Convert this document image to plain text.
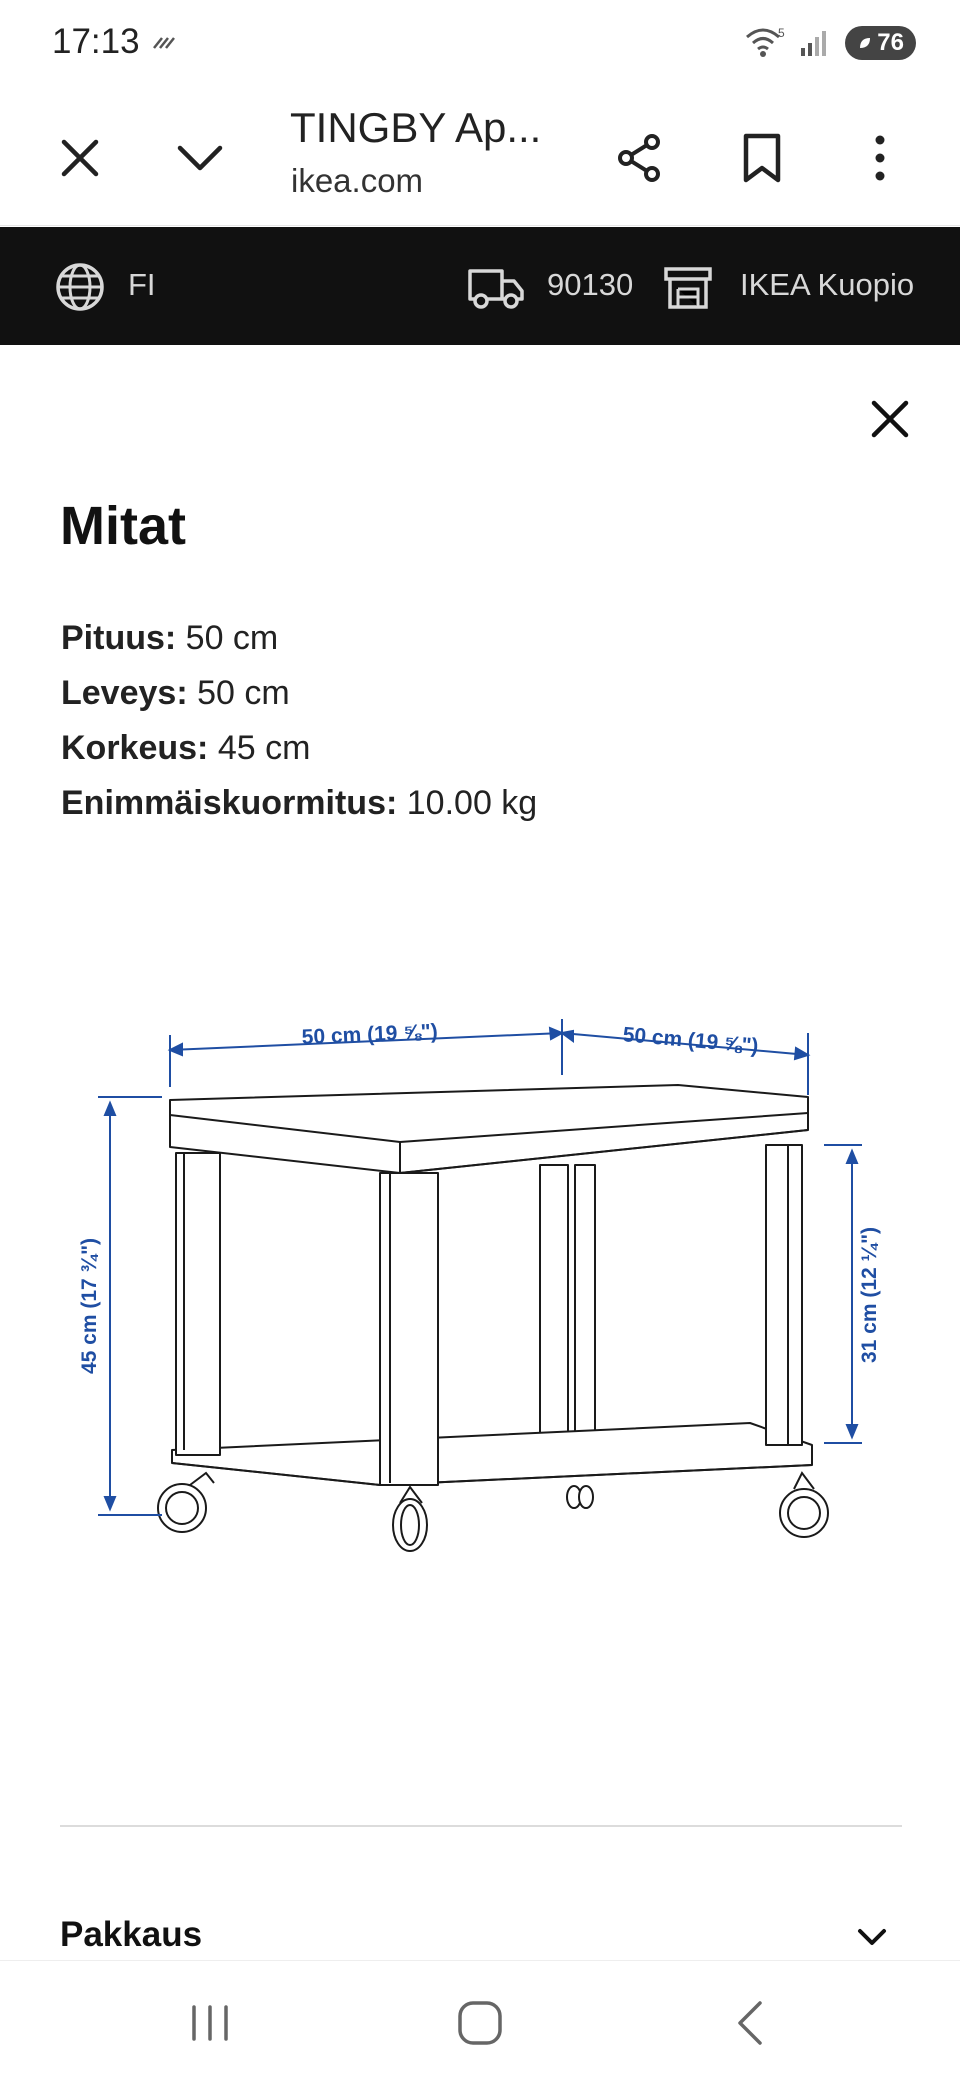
17:13	5	76
TINGBY Ap...
ikea.com
FI	90130	IKEA Kuopio
Mitat
Pituus: 50 cm
Leveys: 50 cm
Korkeus: 45 cm
Enimmäiskuormitus: 10.00 kg
50 cm (19 ⅝")	50 cm (19 ⅝")
45 cm (17 ¾")	31 cm (12 ¼")
Pakkaus
